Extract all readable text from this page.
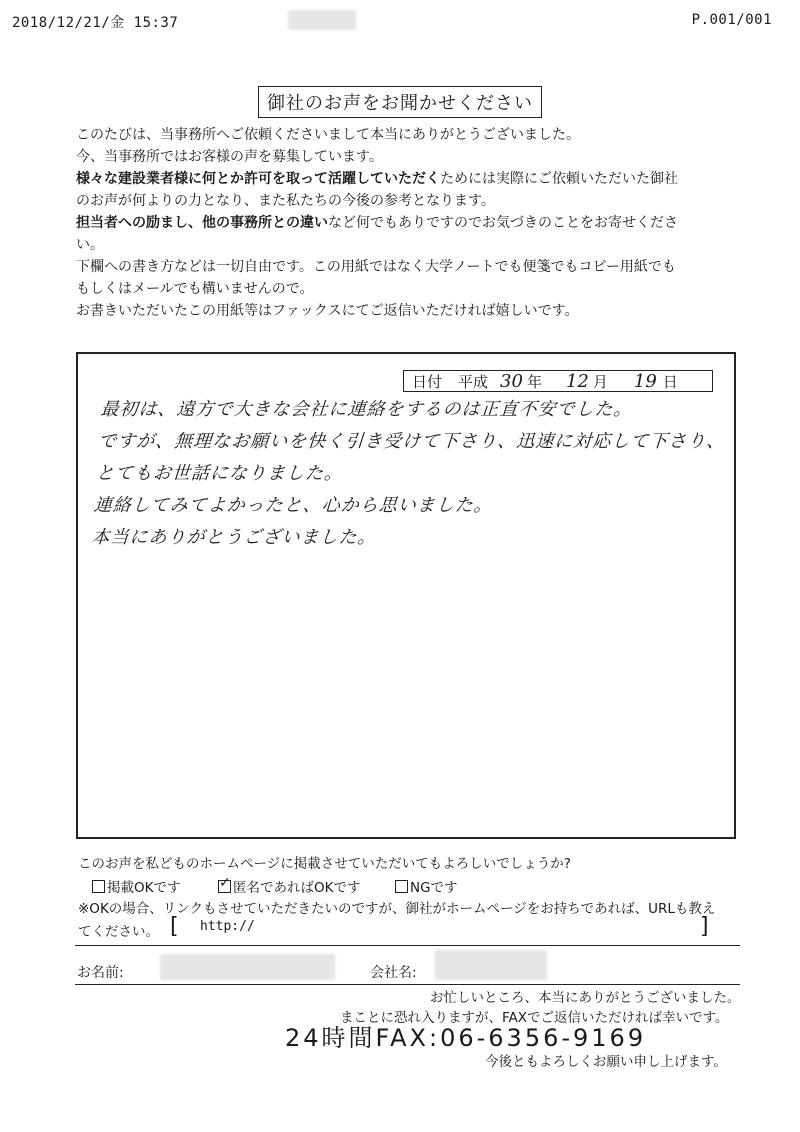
2018/12/21/金 15:37	P.001/001
御社のお声をお聞かせください
このたびは、当事務所へご依頼くださいまして本当にありがとうございました。
今、当事務所ではお客様の声を募集しています。
様々な建設業者様に何とか許可を取って活躍していただくためには実際にご依頼いただいた御社
のお声が何よりの力となり、また私たちの今後の参考となります。
担当者への励まし、他の事務所との違いなど何でもありですのでお気づきのことをお寄せくださ
い。
下欄への書き方などは一切自由です。この用紙ではなく大学ノートでも便箋でもコピー用紙でも
もしくはメールでも構いませんので。
お書きいただいたこの用紙等はファックスにてご返信いただければ嬉しいです。
日付 平成 30 年 12 月 19 日
最初は、遠方で大きな会社に連絡をするのは正直不安でした。
ですが、無理なお願いを快く引き受けて下さり、迅速に対応して下さり、
とてもお世話になりました。
連絡してみてよかったと、心から思いました。
本当にありがとうございました。
このお声を私どものホームページに掲載させていただいてもよろしいでしょうか?
掲載OKです	✓ 匿名であればOKです	NGです
※OKの場合、リンクもさせていただきたいのですが、御社がホームページをお持ちであれば、URLも教え
てください。 [ http://	]
お名前:	会社名:
お忙しいところ、本当にありがとうございました。
まことに恐れ入りますが、FAXでご返信いただければ幸いです。
24時間FAX:06-6356-9169
今後ともよろしくお願い申し上げます。
